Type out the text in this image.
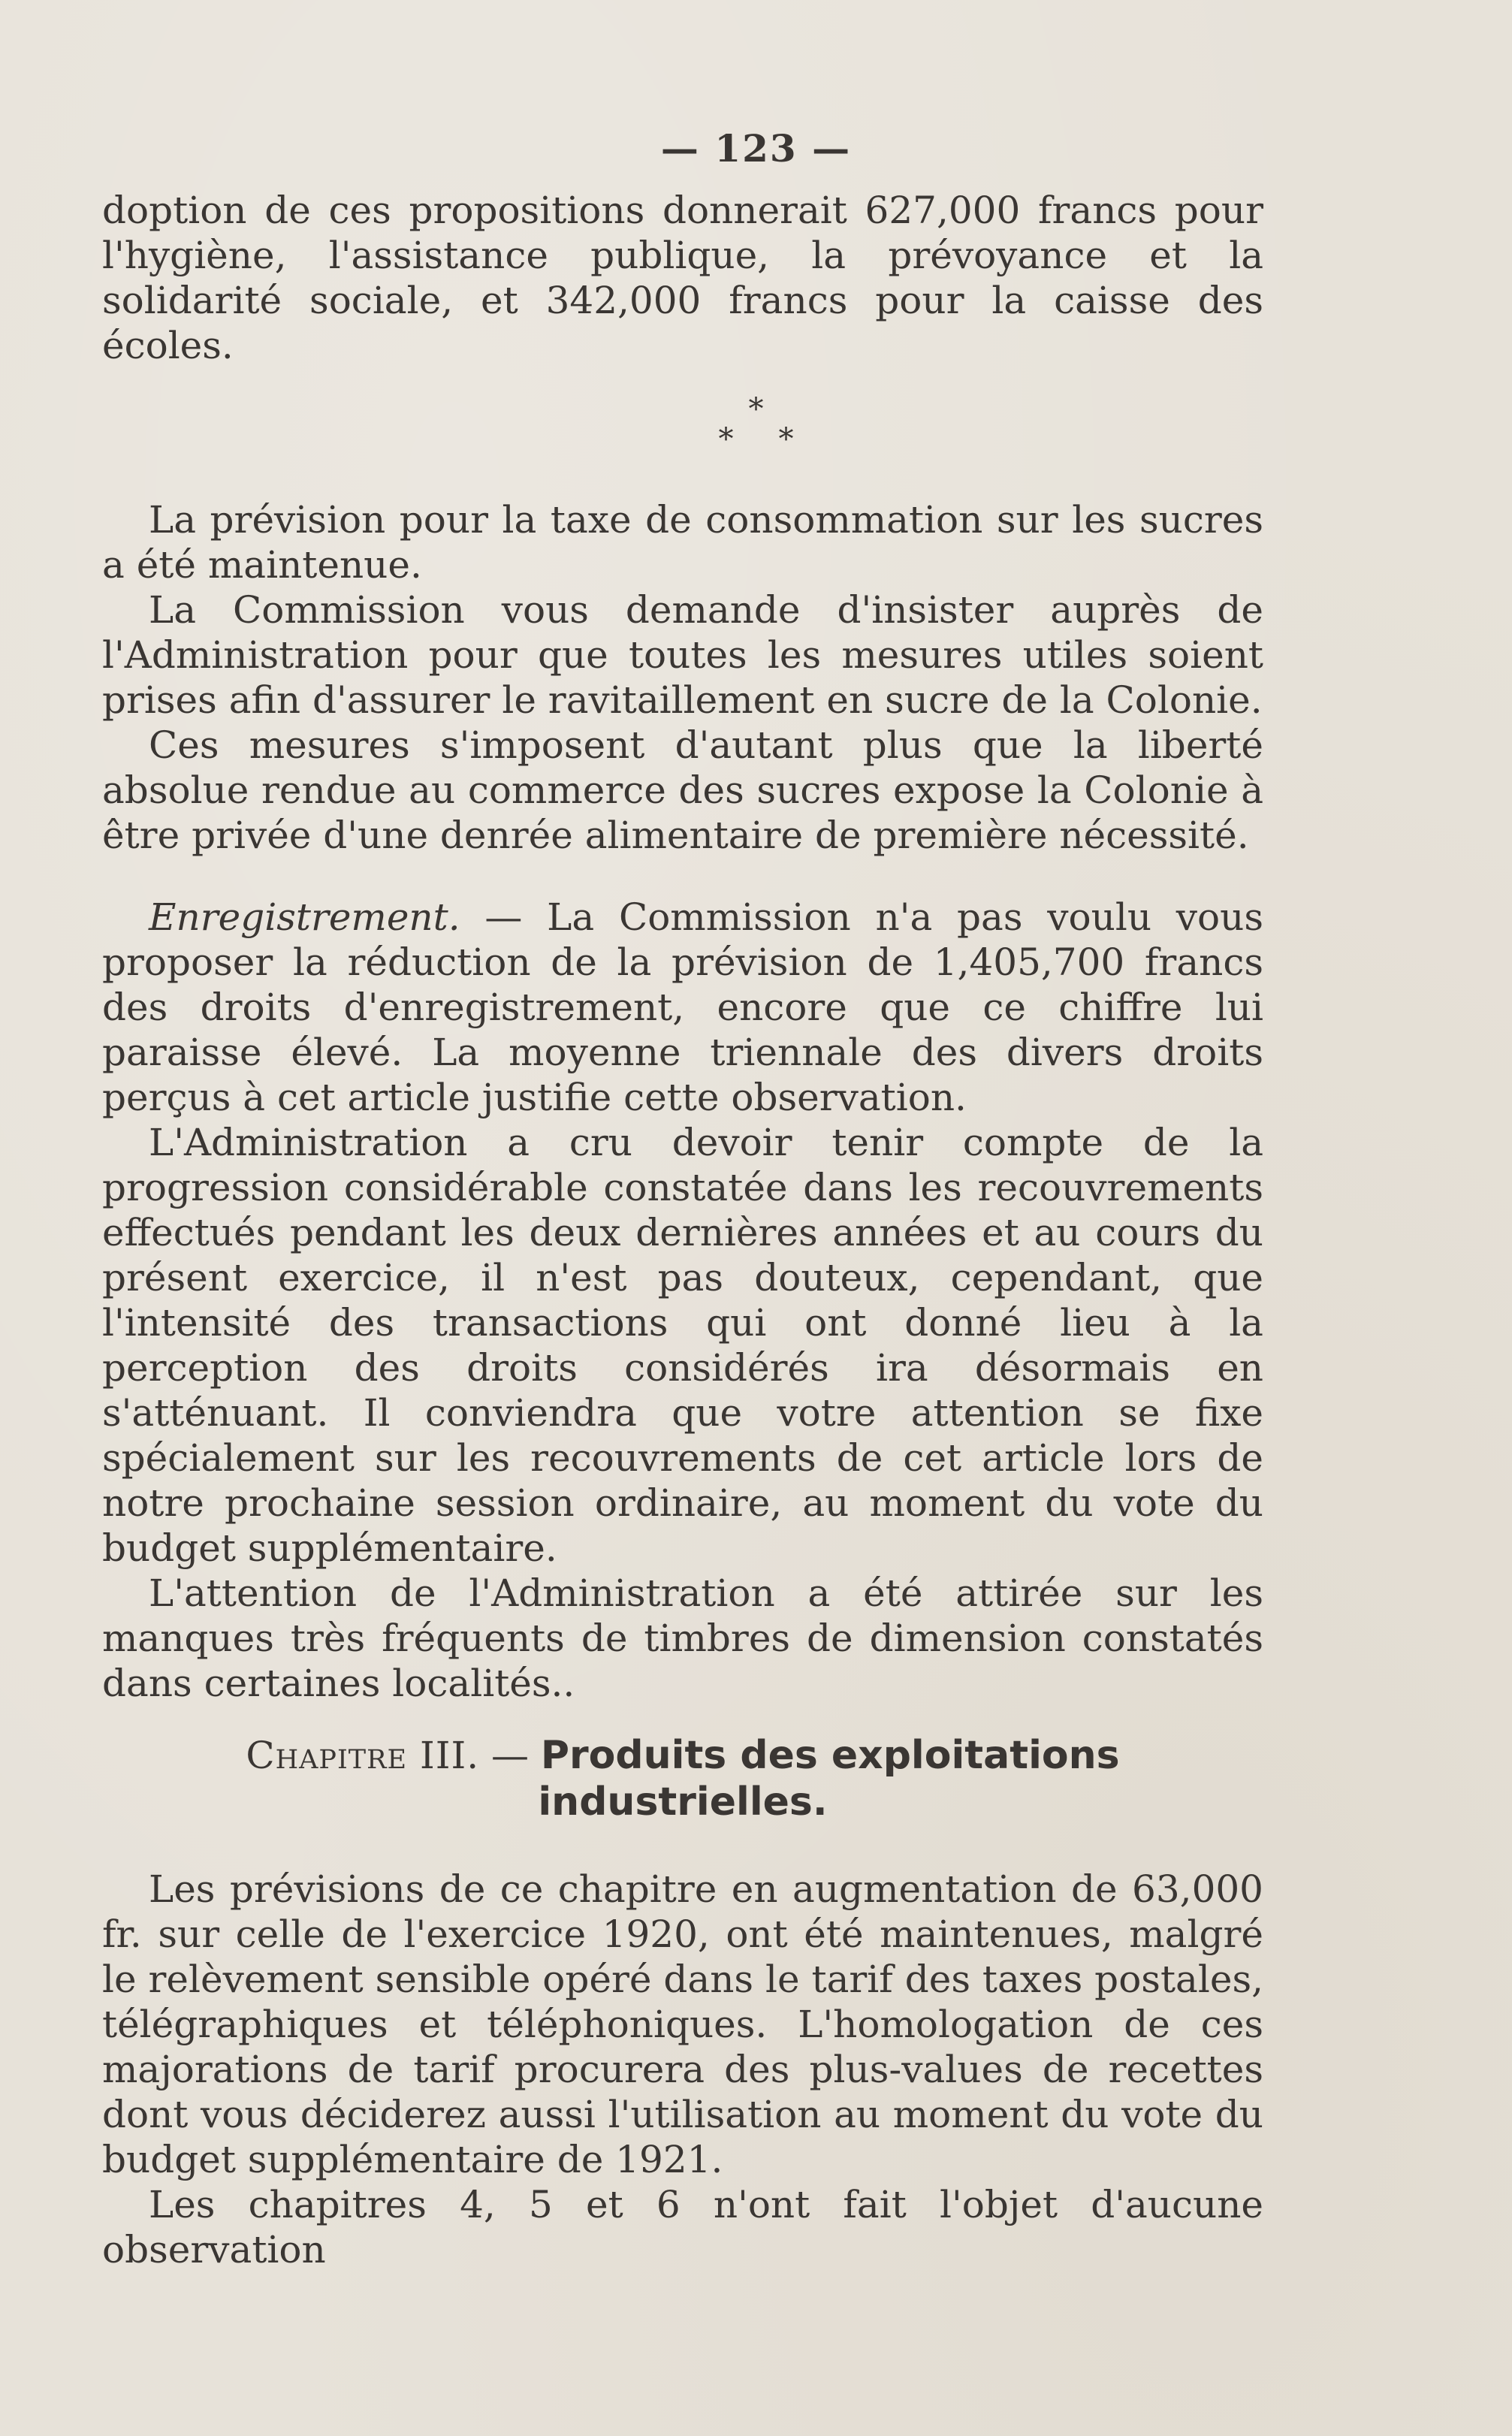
— 123 —

doption de ces propositions donnerait 627,000 francs pour l'hygiène, l'assistance publique, la prévoyance et la solidarité sociale, et 342,000 francs pour la caisse des écoles.

*
* *

La prévision pour la taxe de consommation sur les sucres a été maintenue.

La Commission vous demande d'insister auprès de l'Administration pour que toutes les mesures utiles soient prises afin d'assurer le ravitaillement en sucre de la Colonie.

Ces mesures s'imposent d'autant plus que la liberté absolue rendue au commerce des sucres expose la Colonie à être privée d'une denrée alimentaire de première nécessité.

Enregistrement. — La Commission n'a pas voulu vous proposer la réduction de la prévision de 1,405,700 francs des droits d'enregistrement, encore que ce chiffre lui paraisse élevé. La moyenne triennale des divers droits perçus à cet article justifie cette observation.

L'Administration a cru devoir tenir compte de la progression considérable constatée dans les recouvrements effectués pendant les deux dernières années et au cours du présent exercice, il n'est pas douteux, cependant, que l'intensité des transactions qui ont donné lieu à la perception des droits considérés ira désormais en s'atténuant. Il conviendra que votre attention se fixe spécialement sur les recouvrements de cet article lors de notre prochaine session ordinaire, au moment du vote du budget supplémentaire.

L'attention de l'Administration a été attirée sur les manques très fréquents de timbres de dimension constatés dans certaines localités..

Chapitre III. — Produits des exploitations
industrielles.

Les prévisions de ce chapitre en augmentation de 63,000 fr. sur celle de l'exercice 1920, ont été maintenues, malgré le relèvement sensible opéré dans le tarif des taxes postales, télégraphiques et téléphoniques. L'homologation de ces majorations de tarif procurera des plus-values de recettes dont vous déciderez aussi l'utilisation au moment du vote du budget supplémentaire de 1921.

Les chapitres 4, 5 et 6 n'ont fait l'objet d'aucune observation
